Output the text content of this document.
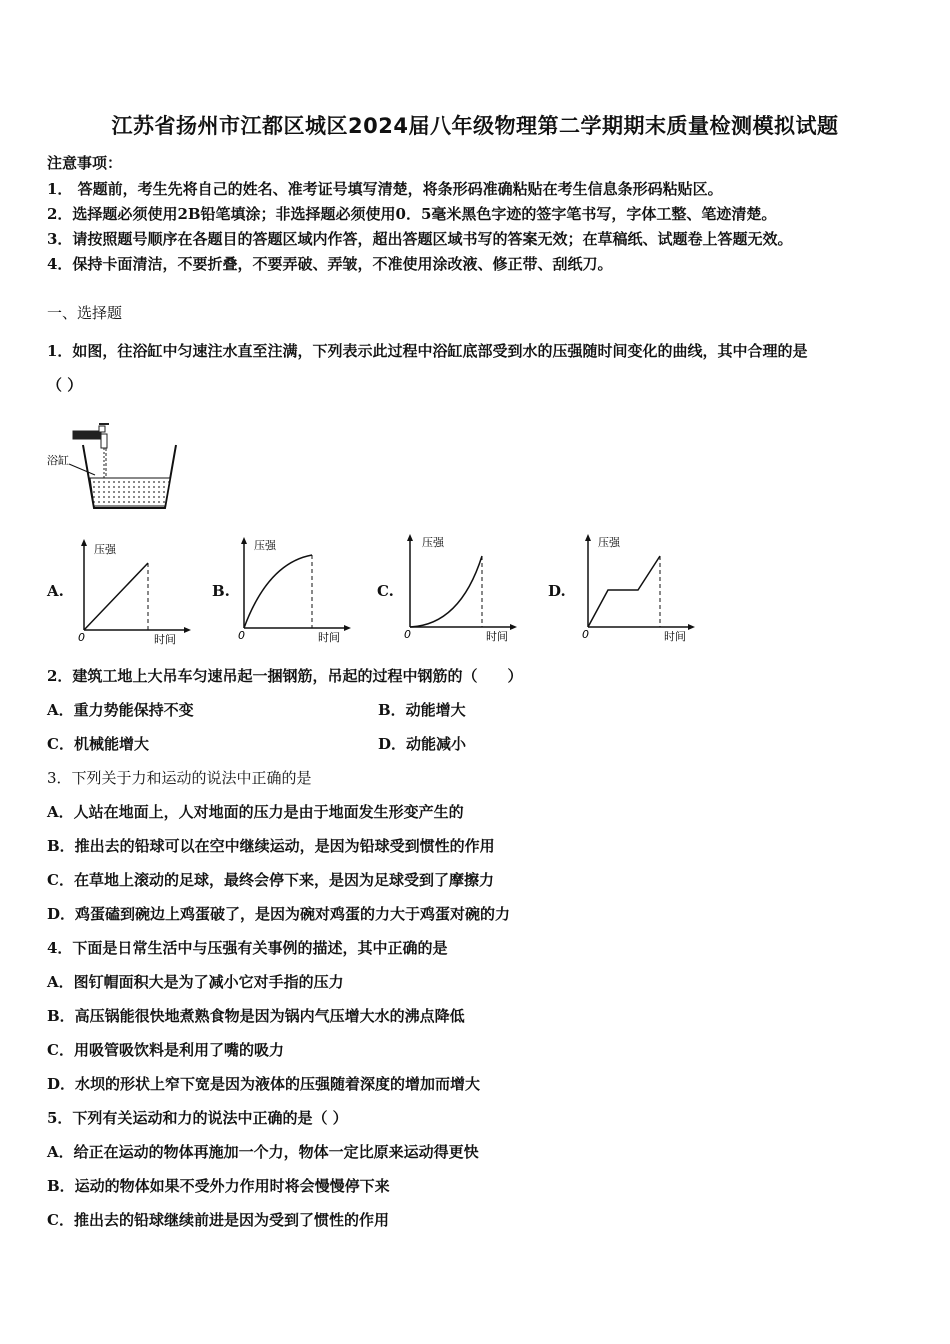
江苏省扬州市江都区城区2024届八年级物理第二学期期末质量检测模拟试题
注意事项：
1． 答题前，考生先将自己的姓名、准考证号填写清楚，将条形码准确粘贴在考生信息条形码粘贴区。
2．选择题必须使用2B铅笔填涂；非选择题必须使用0．5毫米黑色字迹的签字笔书写，字体工整、笔迹清楚。
3．请按照题号顺序在各题目的答题区域内作答，超出答题区域书写的答案无效；在草稿纸、试题卷上答题无效。
4．保持卡面清洁，不要折叠，不要弄破、弄皱，不准使用涂改液、修正带、刮纸刀。
一、选择题
1．如图，往浴缸中匀速注水直至注满，下列表示此过程中浴缸底部受到水的压强随时间变化的曲线，其中合理的是
（ ）
浴缸
A.
压强
时间
0
B.
压强
时间
0
C.
压强
时间
0
D.
压强
时间
0
2．建筑工地上大吊车匀速吊起一捆钢筋，吊起的过程中钢筋的（　　）
A．重力势能保持不变	B．动能增大
C．机械能增大	D．动能减小
3．下列关于力和运动的说法中正确的是
A．人站在地面上，人对地面的压力是由于地面发生形变产生的
B．推出去的铅球可以在空中继续运动，是因为铅球受到惯性的作用
C．在草地上滚动的足球，最终会停下来，是因为足球受到了摩擦力
D．鸡蛋磕到碗边上鸡蛋破了，是因为碗对鸡蛋的力大于鸡蛋对碗的力
4．下面是日常生活中与压强有关事例的描述，其中正确的是
A．图钉帽面积大是为了减小它对手指的压力
B．高压锅能很快地煮熟食物是因为锅内气压增大水的沸点降低
C．用吸管吸饮料是利用了嘴的吸力
D．水坝的形状上窄下宽是因为液体的压强随着深度的增加而增大
5．下列有关运动和力的说法中正确的是（ ）
A．给正在运动的物体再施加一个力，物体一定比原来运动得更快
B．运动的物体如果不受外力作用时将会慢慢停下来
C．推出去的铅球继续前进是因为受到了惯性的作用
